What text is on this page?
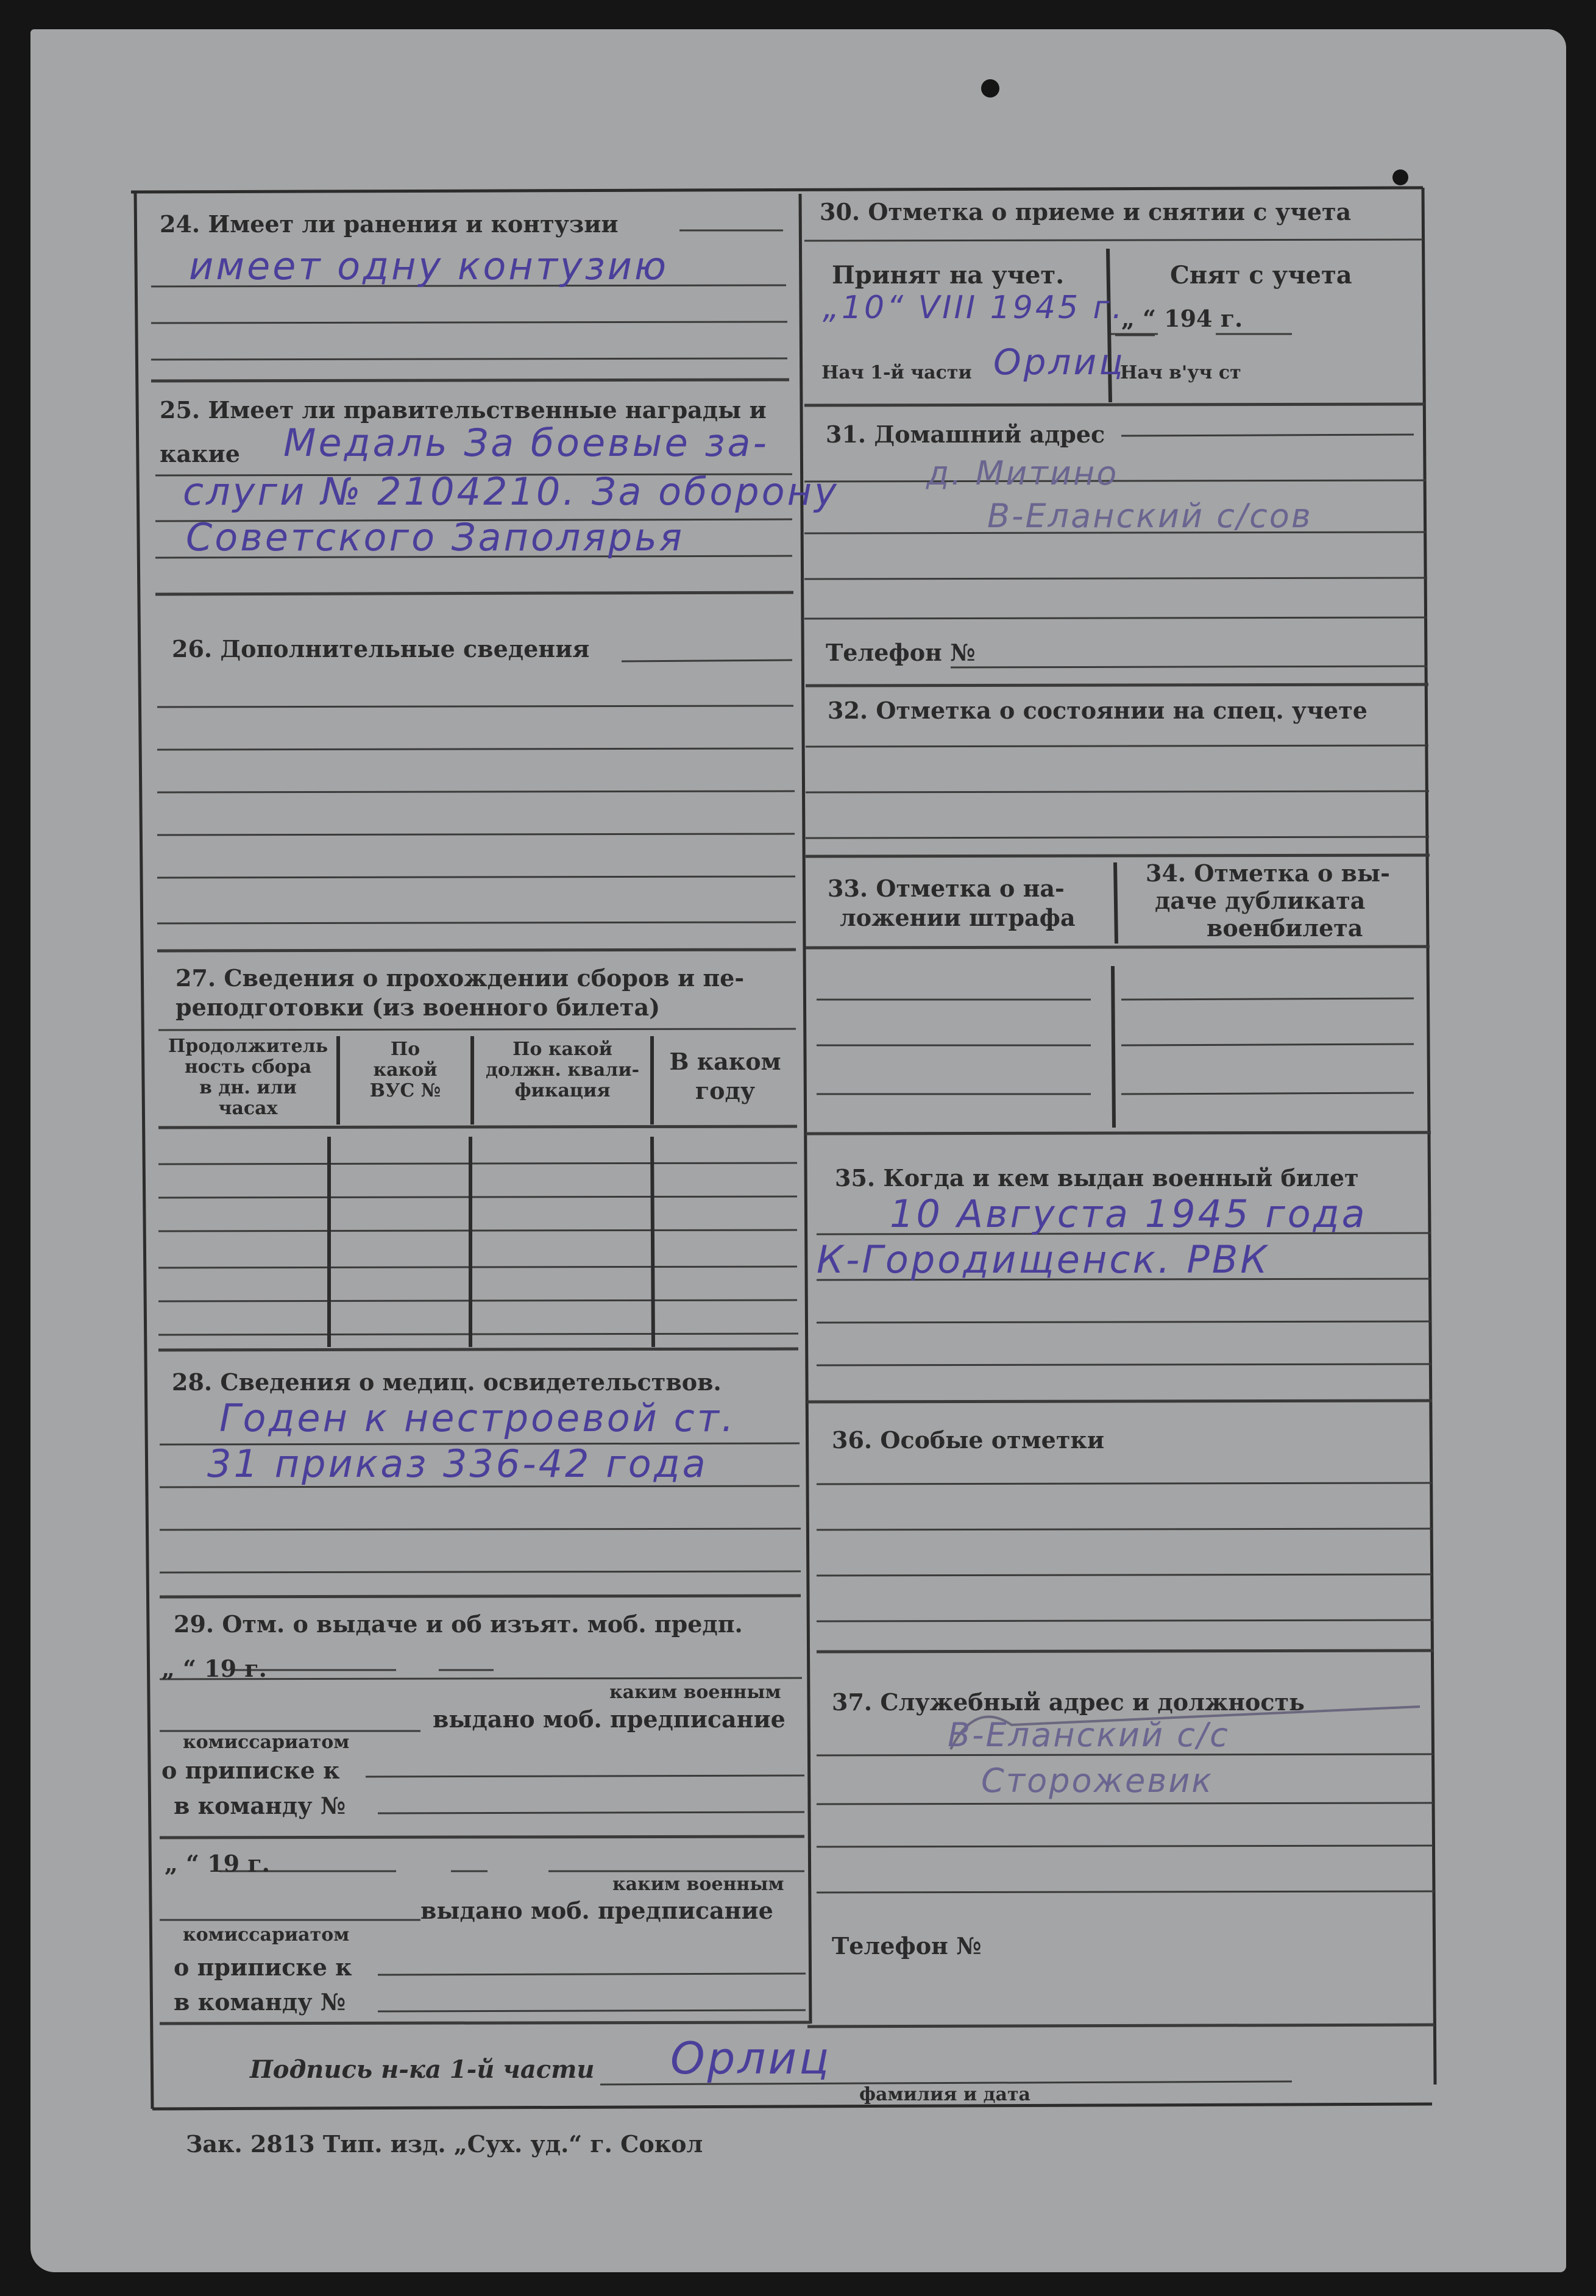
24. Имеет ли ранения и контузии
имеет одну контузию
25. Имеет ли правительственные награды и
какие Медаль За боевые за-
слуги № 2104210. За оборону
Советского Заполярья
26. Дополнительные сведения
27. Сведения о прохождении сборов и пе-
реподготовки (из военного билета)
Продолжитель
ность сбора
в дн. или
часах
По
какой
ВУС №
По какой
должн. квали-
фикация
В каком
году
28. Сведения о медиц. освидетельствов.
Годен к нестроевой ст.
31 приказ 336-42 года
29. Отм. о выдаче и об изъят. моб. предп.
„ “ 19 г.
каким военным
выдано моб. предписание
комиссариатом
о приписке к
в команду №
„ “ 19 г.
каким военным
выдано моб. предписание
комиссариатом
о приписке к
в команду №
30. Отметка о приеме и снятии с учета
Принят на учет.
„10“ VIII 1945 г.
Снят с учета
„ “ 194 г.
Нач 1-й части Орлиц
Нач в'уч ст
31. Домашний адрес
д. Митино
В-Еланский с/сов
Телефон №
32. Отметка о состоянии на спец. учете
33. Отметка о на-
ложении штрафа
34. Отметка о вы-
даче дубликата
военбилета
35. Когда и кем выдан военный билет
10 Августа 1945 года
К-Городищенск. РВК
36. Особые отметки
37. Служебный адрес и должность
В-Еланский с/с
Сторожевик
Телефон №
Подпись н-ка 1-й части Орлиц
фамилия и дата
Зак. 2813 Тип. изд. „Сух. уд.“ г. Сокол
